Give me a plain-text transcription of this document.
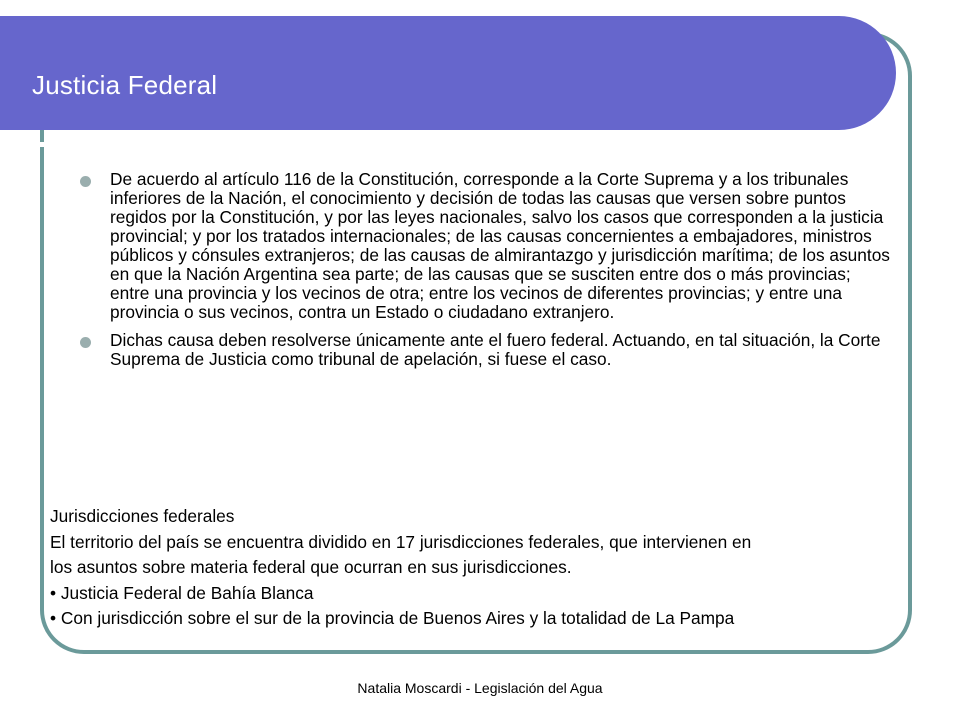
Justicia Federal
De acuerdo al artículo 116 de la Constitución, corresponde a la Corte Suprema y a los tribunales inferiores de la Nación, el conocimiento y decisión de todas las causas que versen sobre puntos regidos por la Constitución, y por las leyes nacionales, salvo los casos que corresponden a la justicia provincial; y por los tratados internacionales; de las causas concernientes a embajadores, ministros públicos y cónsules extranjeros; de las causas de almirantazgo y jurisdicción marítima; de los asuntos en que la Nación Argentina sea parte; de las causas que se susciten entre dos o más provincias; entre una provincia y los vecinos de otra; entre los vecinos de diferentes provincias; y entre una provincia o sus vecinos, contra un Estado o ciudadano extranjero.
Dichas causa deben resolverse únicamente ante el fuero federal. Actuando, en tal situación, la Corte Suprema de Justicia como tribunal de apelación, si fuese el caso.
Jurisdicciones federales
El territorio del país se encuentra dividido en 17 jurisdicciones federales, que intervienen en
los asuntos sobre materia federal que ocurran en sus jurisdicciones.
• Justicia Federal de Bahía Blanca
• Con jurisdicción sobre el sur de la provincia de Buenos Aires y la totalidad de La Pampa
Natalia Moscardi - Legislación del Agua
